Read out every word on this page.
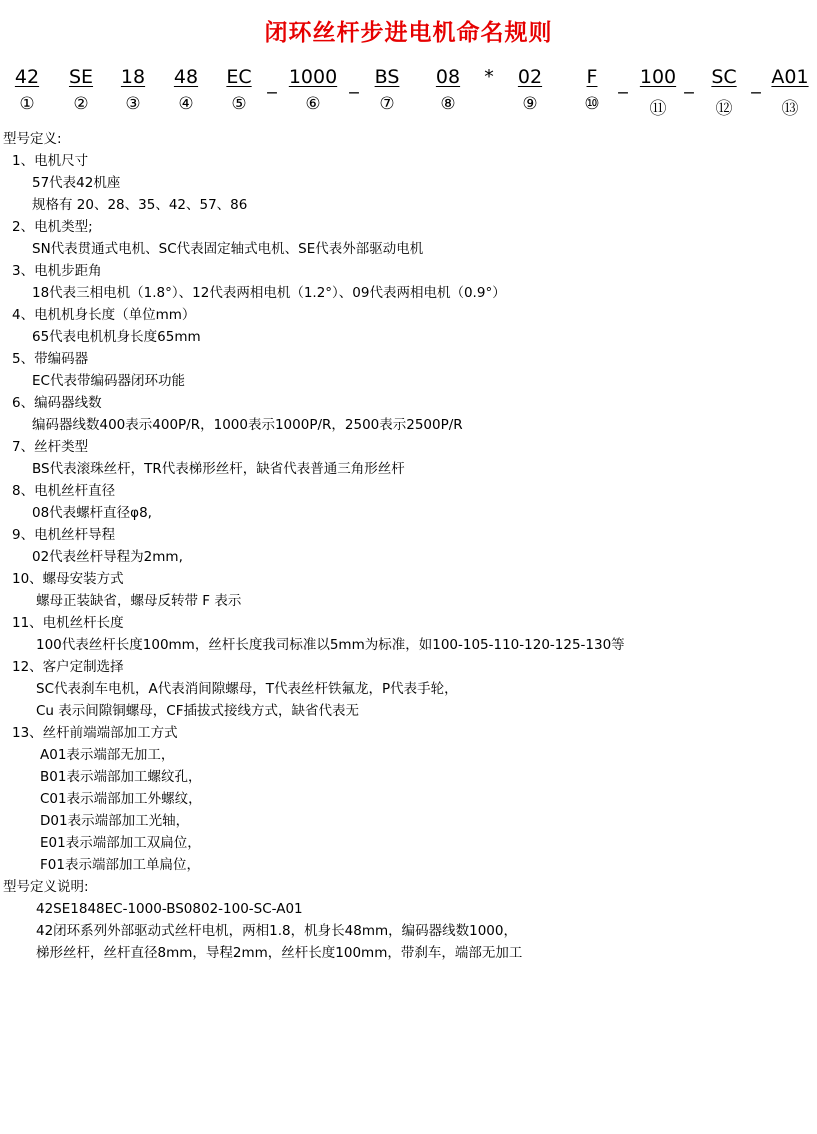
闭环丝杆步进电机命名规则
42
①
SE
②
18
③
48
④
EC
⑤
_ 1000
⑥
_ BS
⑦
08
⑧
* 02
⑨
F
⑩
_ 100
⑪
_ SC
⑫
_ A01
⑬
型号定义:
1、电机尺寸
57代表42机座
规格有 20、28、35、42、57、86
2、电机类型;
SN代表贯通式电机、SC代表固定轴式电机、SE代表外部驱动电机
3、电机步距角
18代表三相电机（1.8°）、12代表两相电机（1.2°）、09代表两相电机（0.9°）
4、电机机身长度（单位mm）
65代表电机机身长度65mm
5、带编码器
EC代表带编码器闭环功能
6、编码器线数
编码器线数400表示400P/R，1000表示1000P/R，2500表示2500P/R
7、丝杆类型
BS代表滚珠丝杆，TR代表梯形丝杆，缺省代表普通三角形丝杆
8、电机丝杆直径
08代表螺杆直径φ8,
9、电机丝杆导程
02代表丝杆导程为2mm,
10、螺母安装方式
螺母正装缺省，螺母反转带 F 表示
11、电机丝杆长度
100代表丝杆长度100mm，丝杆长度我司标准以5mm为标准，如100-105-110-120-125-130等
12、客户定制选择
SC代表刹车电机，A代表消间隙螺母，T代表丝杆铁氟龙，P代表手轮，
Cu 表示间隙铜螺母，CF插拔式接线方式，缺省代表无
13、丝杆前端端部加工方式
A01表示端部无加工，
B01表示端部加工螺纹孔，
C01表示端部加工外螺纹，
D01表示端部加工光轴，
E01表示端部加工双扁位，
F01表示端部加工单扁位，
型号定义说明:
42SE1848EC-1000-BS0802-100-SC-A01
42闭环系列外部驱动式丝杆电机，两相1.8，机身长48mm，编码器线数1000，
梯形丝杆，丝杆直径8mm，导程2mm，丝杆长度100mm，带刹车，端部无加工
